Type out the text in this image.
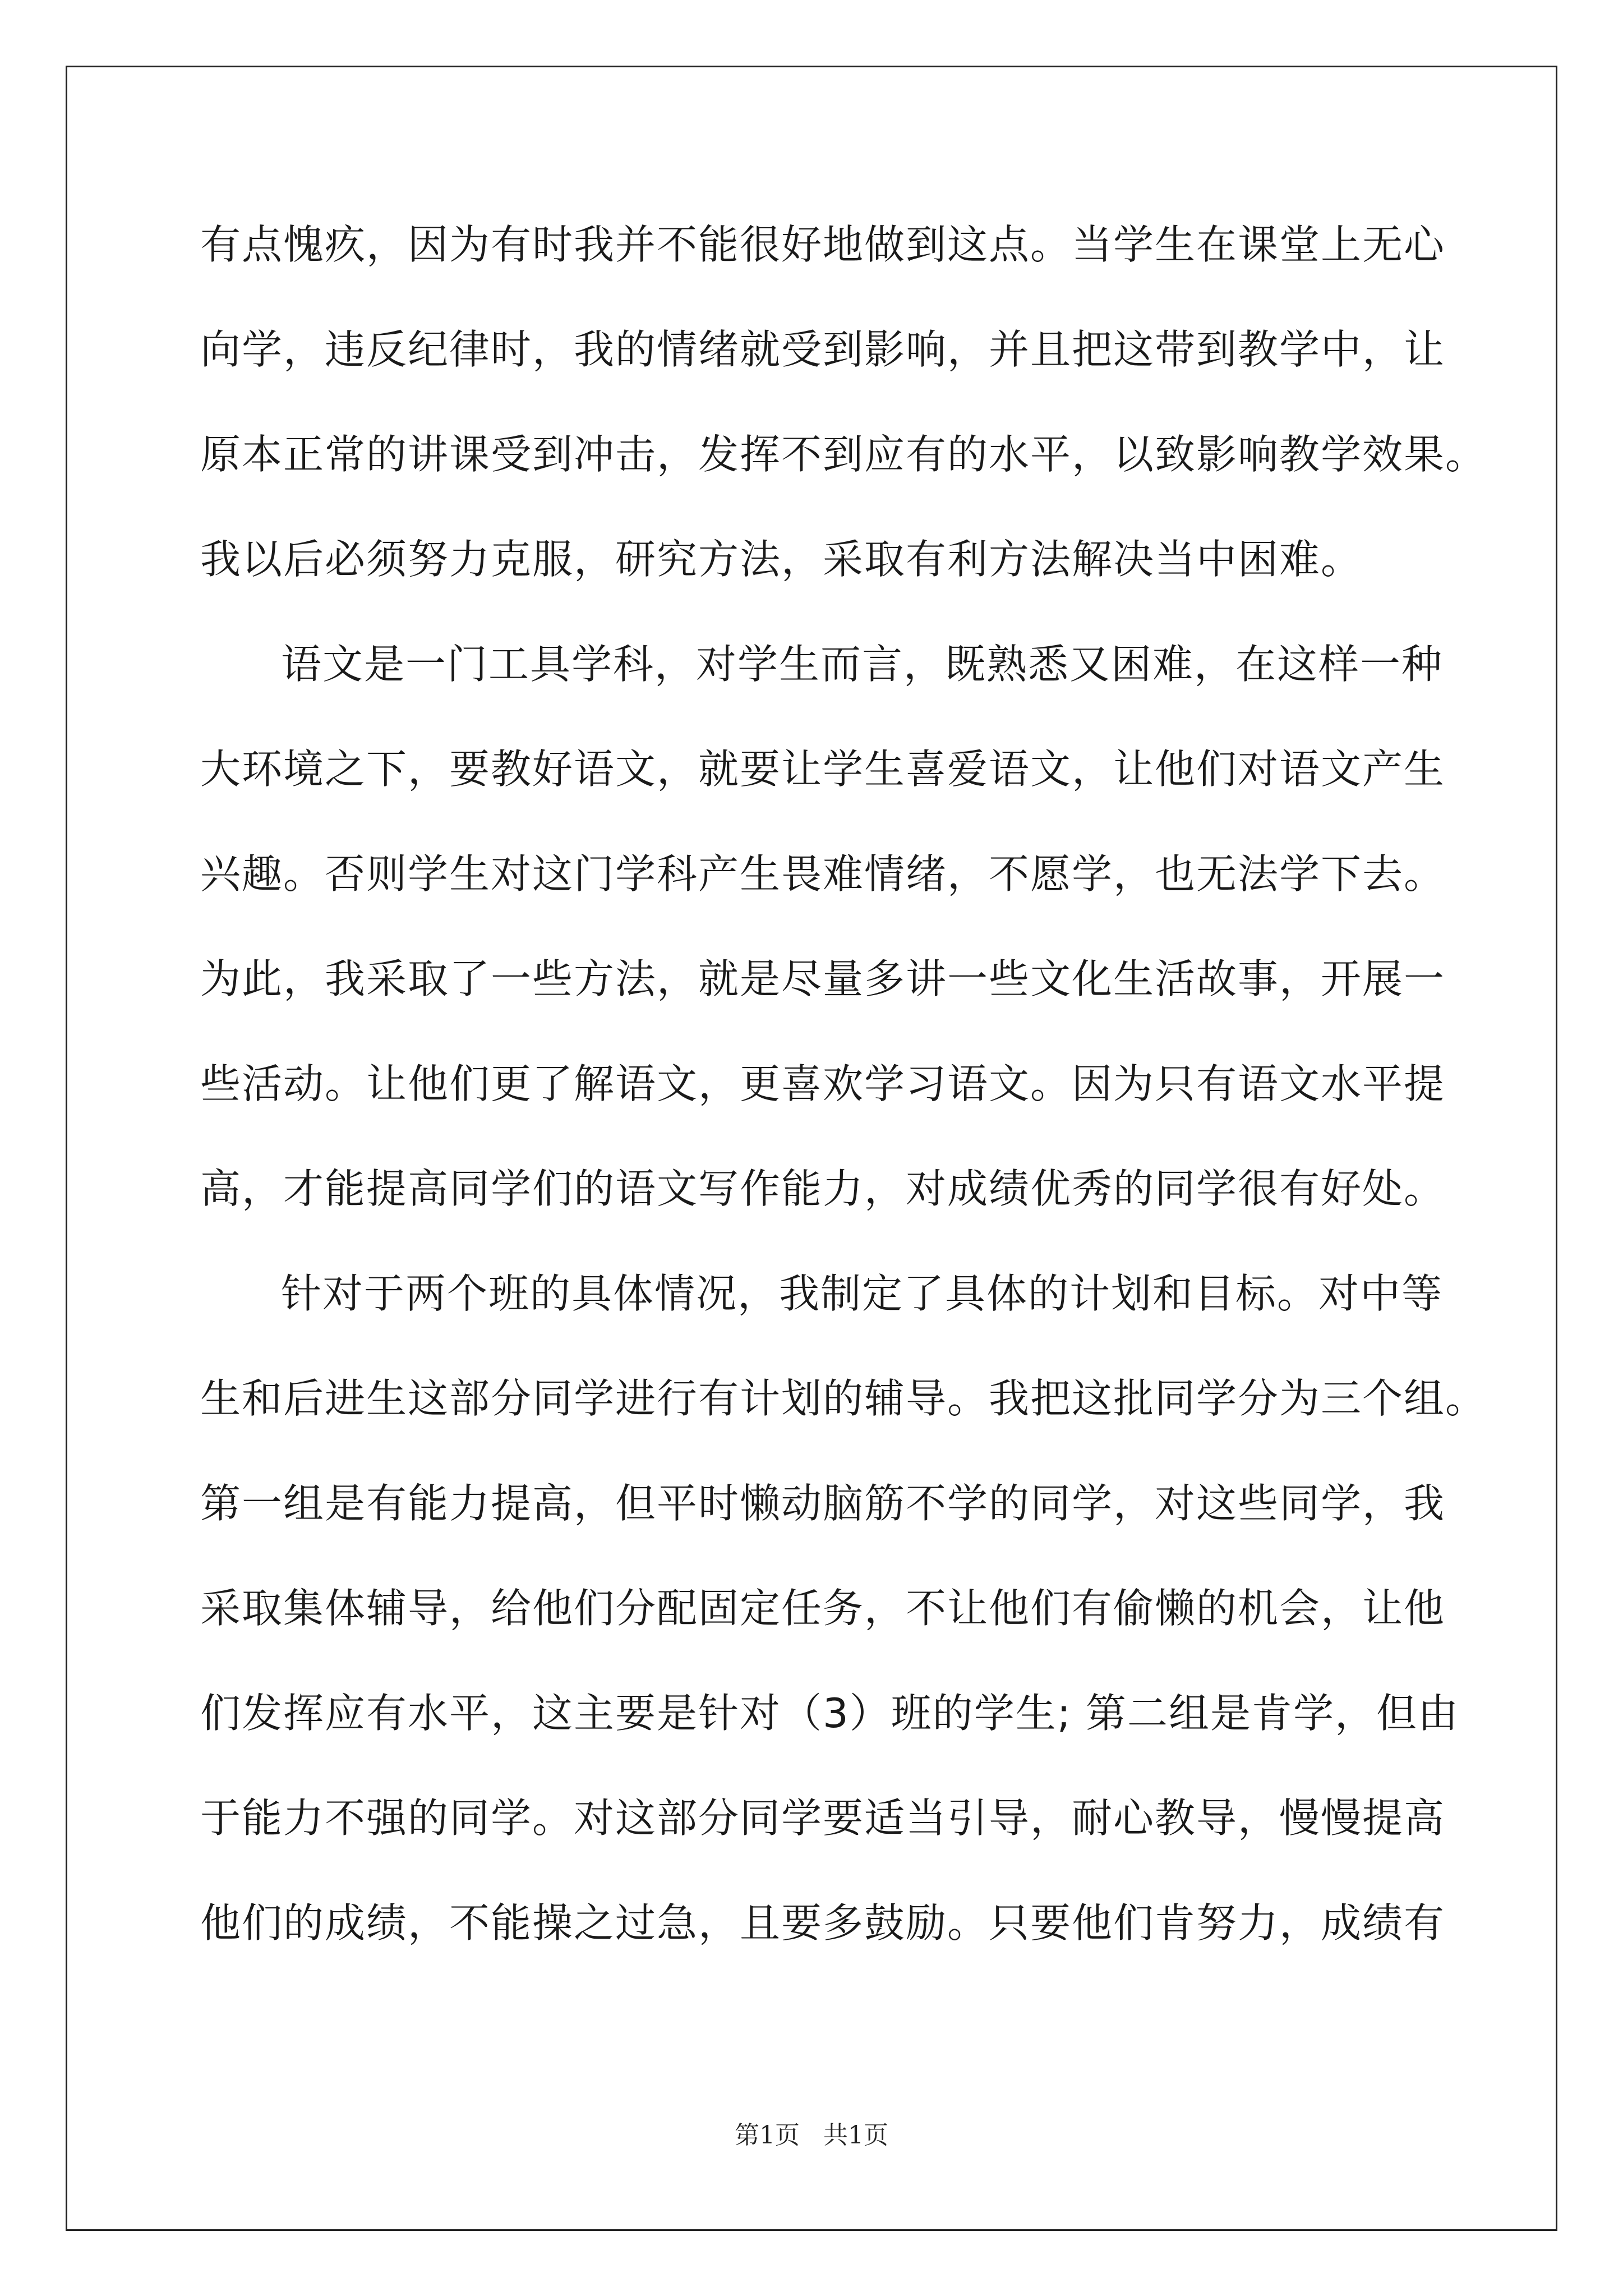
有点愧疚，因为有时我并不能很好地做到这点。当学生在课堂上无心
向学，违反纪律时，我的情绪就受到影响，并且把这带到教学中，让
原本正常的讲课受到冲击，发挥不到应有的水平，以致影响教学效果。
我以后必须努力克服，研究方法，采取有利方法解决当中困难。
语文是一门工具学科，对学生而言，既熟悉又困难，在这样一种
大环境之下，要教好语文，就要让学生喜爱语文，让他们对语文产生
兴趣。否则学生对这门学科产生畏难情绪，不愿学，也无法学下去。
为此，我采取了一些方法，就是尽量多讲一些文化生活故事，开展一
些活动。让他们更了解语文，更喜欢学习语文。因为只有语文水平提
高，才能提高同学们的语文写作能力，对成绩优秀的同学很有好处。
针对于两个班的具体情况，我制定了具体的计划和目标。对中等
生和后进生这部分同学进行有计划的辅导。我把这批同学分为三个组。
第一组是有能力提高，但平时懒动脑筋不学的同学，对这些同学，我
采取集体辅导，给他们分配固定任务，不让他们有偷懒的机会，让他
们发挥应有水平，这主要是针对（3）班的学生; 第二组是肯学，但由
于能力不强的同学。对这部分同学要适当引导，耐心教导，慢慢提高
他们的成绩，不能操之过急，且要多鼓励。只要他们肯努力，成绩有
第1页   共1页
